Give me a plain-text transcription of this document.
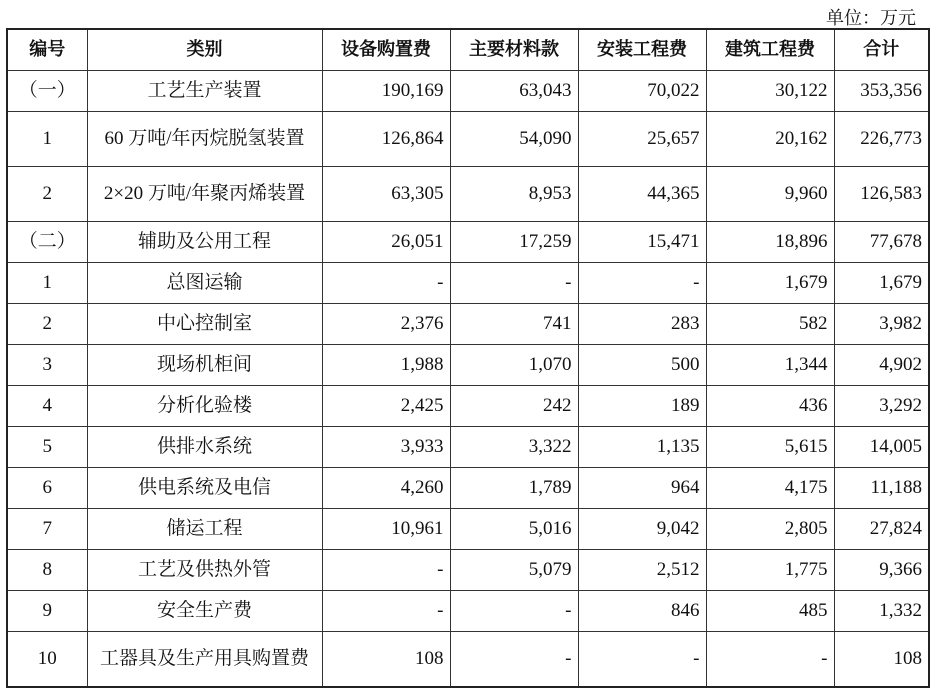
单位：万元
编号	类别	设备购置费	主要材料款	安装工程费	建筑工程费	合计
（一）	工艺生产装置	190,169	63,043	70,022	30,122	353,356
1	60 万吨/年丙烷脱氢装置	126,864	54,090	25,657	20,162	226,773
2	2×20 万吨/年聚丙烯装置	63,305	8,953	44,365	9,960	126,583
（二）	辅助及公用工程	26,051	17,259	15,471	18,896	77,678
1	总图运输	-	-	-	1,679	1,679
2	中心控制室	2,376	741	283	582	3,982
3	现场机柜间	1,988	1,070	500	1,344	4,902
4	分析化验楼	2,425	242	189	436	3,292
5	供排水系统	3,933	3,322	1,135	5,615	14,005
6	供电系统及电信	4,260	1,789	964	4,175	11,188
7	储运工程	10,961	5,016	9,042	2,805	27,824
8	工艺及供热外管	-	5,079	2,512	1,775	9,366
9	安全生产费	-	-	846	485	1,332
10	工器具及生产用具购置费	108	-	-	-	108
